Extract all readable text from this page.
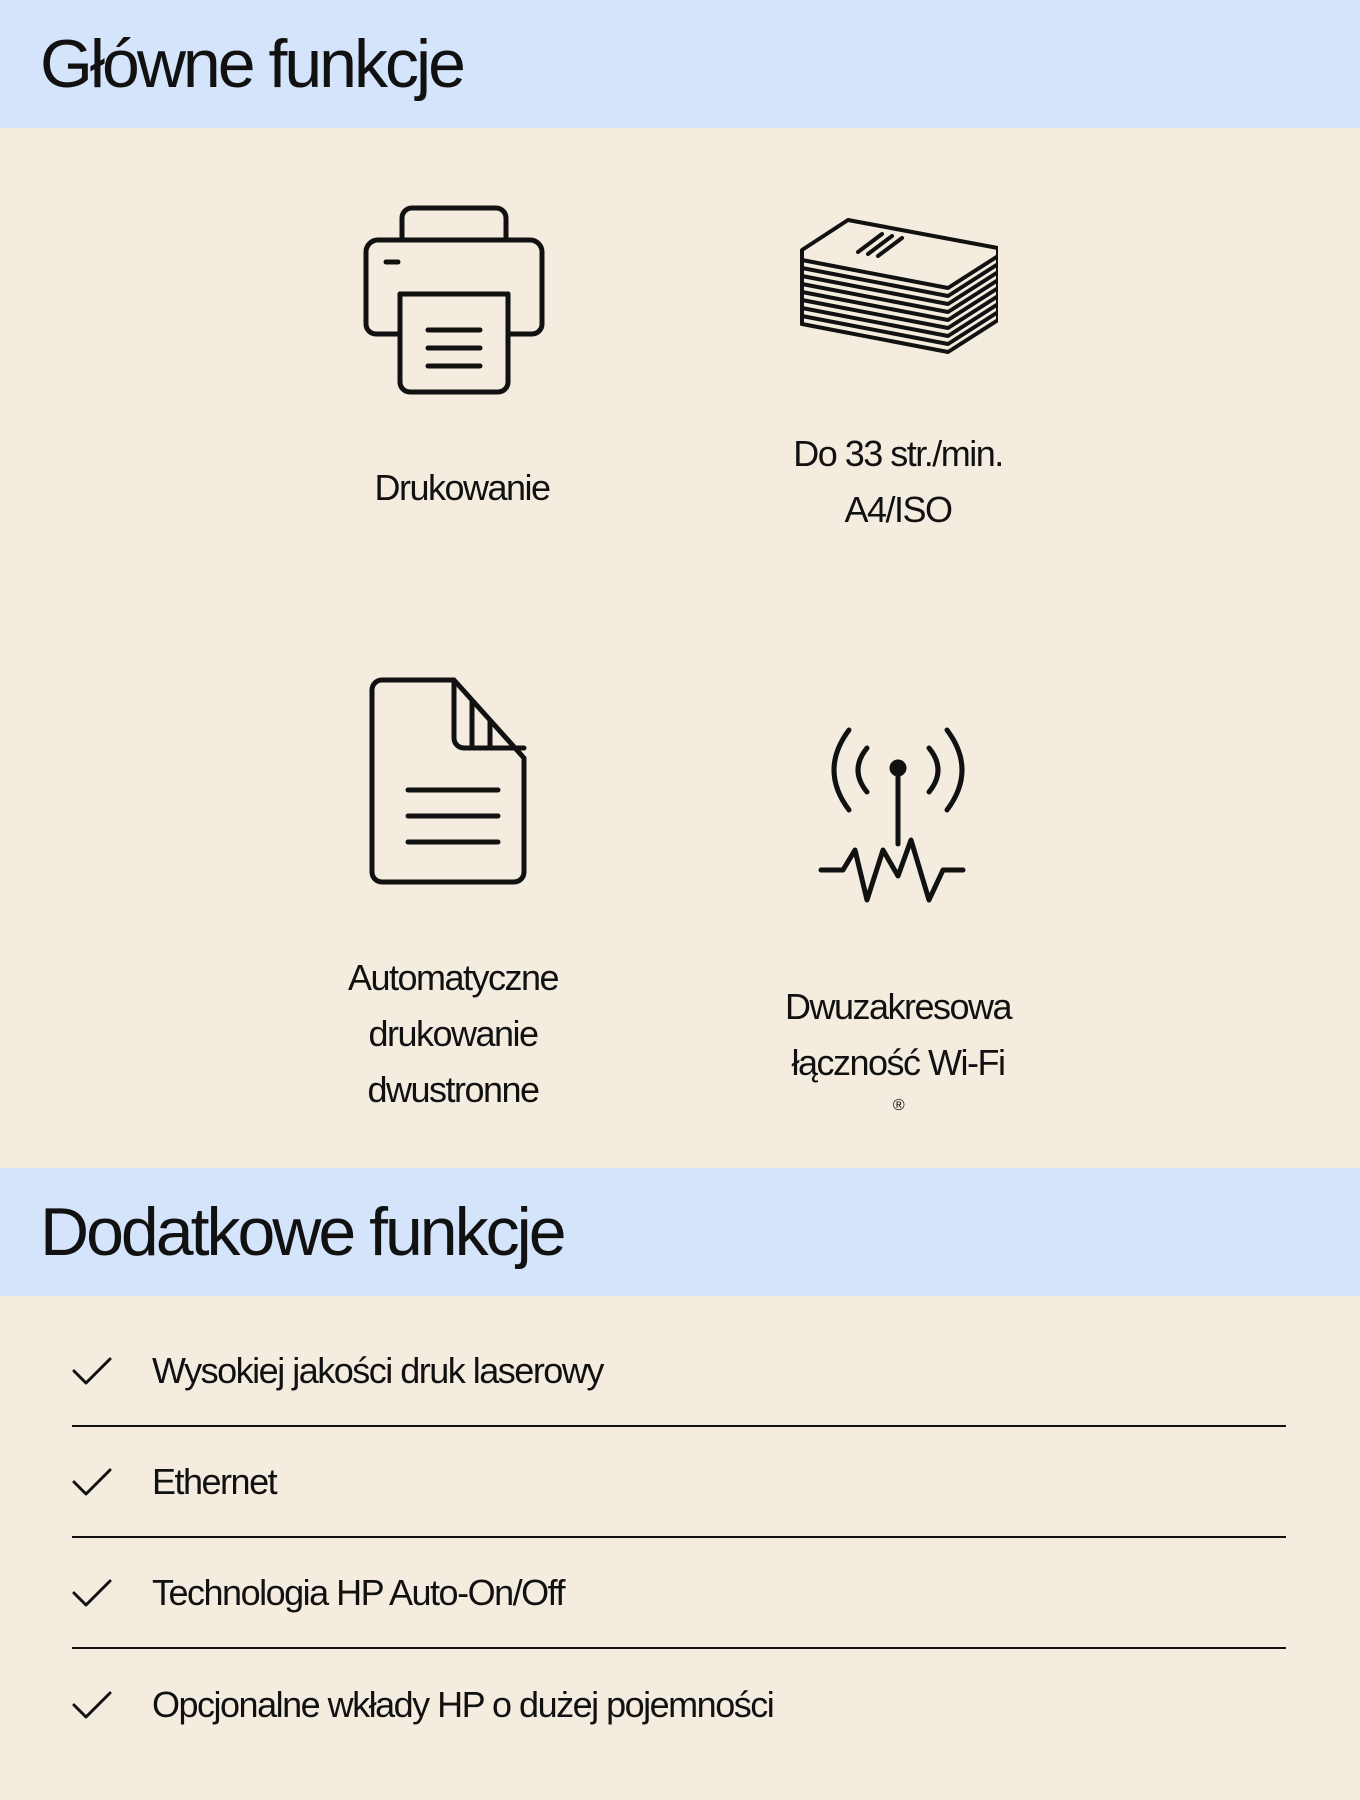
Główne funkcje
Drukowanie
Do 33 str./min.
A4/ISO
Automatyczne
drukowanie
dwustronne
Dwuzakresowa
łączność Wi-Fi
®
Dodatkowe funkcje
Wysokiej jakości druk laserowy
Ethernet
Technologia HP Auto-On/Off
Opcjonalne wkłady HP o dużej pojemności
